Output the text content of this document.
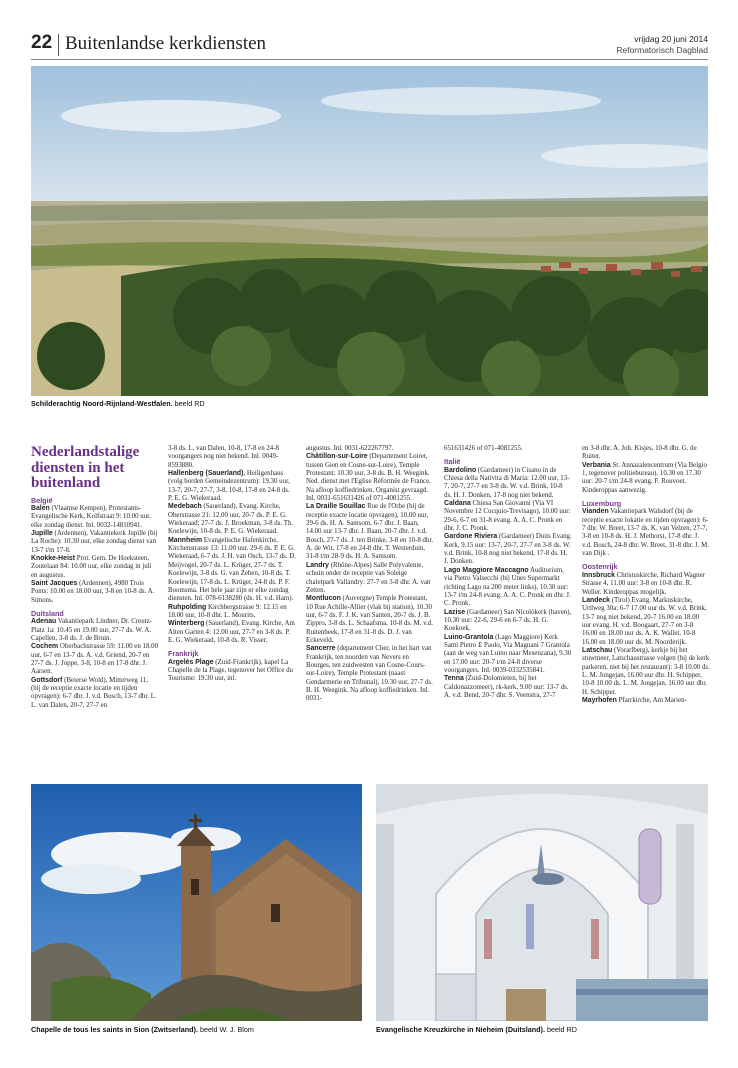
22 Buitenlandse kerkdiensten	vrijdag 20 juni 2014
Reformatorisch Dagblad
Schilderachtig Noord-Rijnland-Westfalen. beeld RD
Nederlandstalige diensten in het buitenland
België

Balen (Vlaamse Kempen), Protestants-Evangelische Kerk, Kolfstraat 9: 10.00 uur, elke zondag dienst. Inl. 0032-14810941.

Jupille (Ardennen), Vakantiekerk Jupille (bij La Roche): 10.30 uur, elke zondag dienst van 13-7 t/m 17-8.

Knokke-Heist Prot. Gem. De Hoeksteen, Zoutelaan 84: 10.00 uur, elke zondag in juli en augustus.

Saint Jacques (Ardennen), 4980 Trois Ponts: 10.00 en 18.00 uur, 3-8 en 10-8 ds. A. Simons.

Duitsland

Adenau Vakantiepark Lindner, Dr. Creutz-Platz 1a: 10.45 en 19.00 uur, 27-7 ds. W. A. Capellen, 3-8 ds. J. de Bruin.

Cochem Oberbachstrasse 59: 11.00 en 18.00 uur, 6-7 en 13-7 ds. A. v.d. Griend, 20-7 en 27-7 ds. J. Joppe, 3-8, 10-8 en 17-8 dhr. J. Aarsen.

Gottsdorf (Beierse Wold), Mitterweg 11, (bij de receptie exacte locatie en tijden opvragen): 6-7 dhr. J. v.d. Bosch, 13-7 dhr. L. L. van Dalen, 20-7, 27-7 en

3-8 ds. L. van Dalen, 10-8, 17-8 en 24-8 voorgangers nog niet bekend. Inl. 0049-8593880.

Hallenberg (Sauerland), Heiligenhaus (volg borden Gemeindezentrum): 19.30 uur, 13-7, 20-7, 27-7, 3-8, 10-8, 17-8 en 24-8 ds. P. E. G. Wiekeraad.

Medebach (Sauerland), Evang. Kirche, Oberstrasse 21: 12.00 uur, 20-7 ds. P. E. G. Wiekeraad; 27-7 ds. J. Broekman, 3-8 ds. Th. Koelewijn, 10-8 ds. P. E. G. Wiekeraad.

Mannheim Evangelische Hafenkirche, Kirchenstrasse 13: 11.00 uur. 29-6 ds. P. E. G. Wiekeraad, 6-7 ds. J. H. van Osch, 13-7 ds. D. Meijvogel, 20-7 ds. L. Krüger, 27-7 ds. T. Koelewijn, 3-8 ds. G. van Zeben, 10-8 ds. T. Koelewijn, 17-8 ds. L. Krüger, 24-8 ds. P. F. Boomsma. Het hele jaar zijn er elke zondag diensten. Inl. 078-6138280 (ds. H. v.d. Ham).

Ruhpolding Kirchbergstrasse 9: 12.15 en 18.00 uur, 10-8 dhr. L. Mourits.

Winterberg (Sauerland), Evang. Kirche, Am Alten Garten 4: 12.00 uur, 27-7 en 3-8 ds. P. E. G. Wiekeraad, 10-8 ds. R. Visser.

Frankrijk

Argelès Plage (Zuid-Frankrijk), kapel La Chapelle de la Plage, tegenover het Office du Tourisme: 19.30 uur, inl.

augustus. Inl. 0031-622267797.

Châtillon-sur-Loire (Departement Loiret, tussen Gien en Cosne-sur-Loire), Temple Protestant: 10.30 uur, 3-8 ds. B. H. Weegink. Ned. dienst met l'Eglise Réformée de France. Na afloop koffiedrinken. Organist gevraagd. Inl. 0031-651631426 of 071-4081255.

La Draille Souillac Rue de l'Orbe (bij de receptie exacte locatie opvragen), 10.00 uur, 29-6 ds. H. A. Samsom, 6-7 dhr. J. Baan, 14.00 uur 13-7 dhr. J. Baan, 20-7 dhr. J. v.d. Bosch, 27-7 ds. J. ten Brinke, 3-8 en 10-8 dhr. A. de Wit, 17-8 en 24-8 dhr. T. Westerduin, 31-8 t/m 28-9 ds. H. A. Samsom.

Landry (Rhône-Alpes) Salle Polyvalente, schuin onder de receptie van Soleige chaletpark Vallandry: 27-7 en 3-8 dhr. A. van Zetten.

Montlucon (Auvergne) Temple Protestant, 10 Rue Achille-Allier (vlak bij station), 10.30 uur, 6-7 ds. F. J. K. van Santen, 20-7 ds. J. B. Zippro, 3-8 ds. L. Schaafsma, 10-8 ds. M. v.d. Ruitenbeek, 17-8 en 31-8 ds. D. J. van Eckeveld.

Sancerre (departement Cher, in het hart van Frankrijk, ten noorden van Nevers en Bourges, ten zuidwesten van Cosne-Cours-sur-Loire), Temple Protestant (naast Gendarmerie en Tribunal), 10.30 uur, 27-7 ds. B. H. Weegink. Na afloop koffiedrinken. Inl. 0031-

651631426 of 071-4081255.

Italië

Bardolino (Gardameer) in Cisano in de Chiesa della Nativita di Maria: 12.00 uur, 13-7, 20-7, 27-7 en 3-8 ds. W. v.d. Brink, 10-8 ds. H. J. Donken, 17-8 nog niet bekend.

Caldana Chiesa San Giovanni (Via VI Novembre 12 Cocquio-Trevisago), 10.00 uur: 29-6, 6-7 en 31-8 evang. A. A. C. Pronk en dhr. J. C. Pronk.

Gardone Riviera (Gardameer) Duits Evang. Kerk, 9.15 uur: 13-7, 20-7, 27-7 en 3-8 ds. W. v.d. Brink, 10-8 nog niet bekend, 17-8 ds. H. J. Donken.

Lago Maggiore Maccagno Auditorium, via Pietro Valsecchi (bij Unes Supermarkt richting Lago na 200 meter links), 10.30 uur: 13-7 t/m 24-8 evang. A. A. C. Pronk en dhr. J. C. Pronk.

Lazise (Gardameer) San Nicolòkerk (haven), 10.30 uur: 22-6, 29-6 en 6-7 ds. H. G. Koekoek.

Luino-Grantola (Lago Maggiore) Kerk Santi Pietro E Paolo, Via Magnani 7 Grantola (aan de weg van Luino naar Mesenzana), 9.30 en 17.00 uur: 20-7 t/m 24-8 diverse voorgangers. Inl. 0039-0332535841.

Tenna (Zuid-Dolomieten, bij het Caldonazzomeer), rk-kerk, 9.00 uur: 13-7 ds. A. v.d. Bend, 20-7 dhr. S. Veenstra, 27-7

en 3-8 dhr. A. Joh. Kisjes, 10-8 dhr. G. de Ruiter.

Verbania St. Annazalencentrum (Via Belgio 1, tegenover politiebureau), 10.30 en 17.30 uur: 20-7 t/m 24-8 evang. F. Rouvoet. Kinderoppas aanwezig.

Luxemburg

Vianden Vakantiepark Walsdorf (bij de receptie exacte lokatie en tijden opvragen): 6-7 dhr. W. Breet, 13-7 ds. K. van Velzen, 27-7, 3-8 en 10-8 ds. H. J. Methorst, 17-8 dhr. J. v.d. Bosch, 24-8 dhr. W. Breet, 31-8 dhr. J. M. van Dijk .

Oostenrijk

Innsbruck Christuskirche, Richard Wagner Strasse 4, 11.00 uur: 3-8 en 10-8 dhr. R. Weller. Kinderoppas mogelijk.

Landeck (Tirol) Evang. Markuskirche, Urtlweg 30a: 6-7 17.00 uur ds. W. v.d. Brink, 13-7 nog niet bekend, 20-7 16.00 en 18.00 uur evang. H. v.d. Boogaart, 27-7 en 3-8 16.00 en 18.00 uur ds. A. K. Wallet, 10-8 16.00 en 18.00 uur ds. M. Noorderijk.

Latschau (Vorarlberg), kerkje bij het stuwmeer, Latschaustrasse volgen (bij de kerk parkeren, niet bij het restaurant): 3-8 10.00 ds. L. M. Jongejan, 16.00 uur dhr. H. Schipper, 10-8 10.00 ds. L. M. Jongejan, 16.00 uur dhr. H. Schipper.

Mayrhofen Pfarrkirche, Am Marien-

Chapelle de tous les saints in Sion (Zwitserland). beeld W. J. Blom	Evangelische Kreuzkirche in Nieheim (Duitsland). beeld RD
